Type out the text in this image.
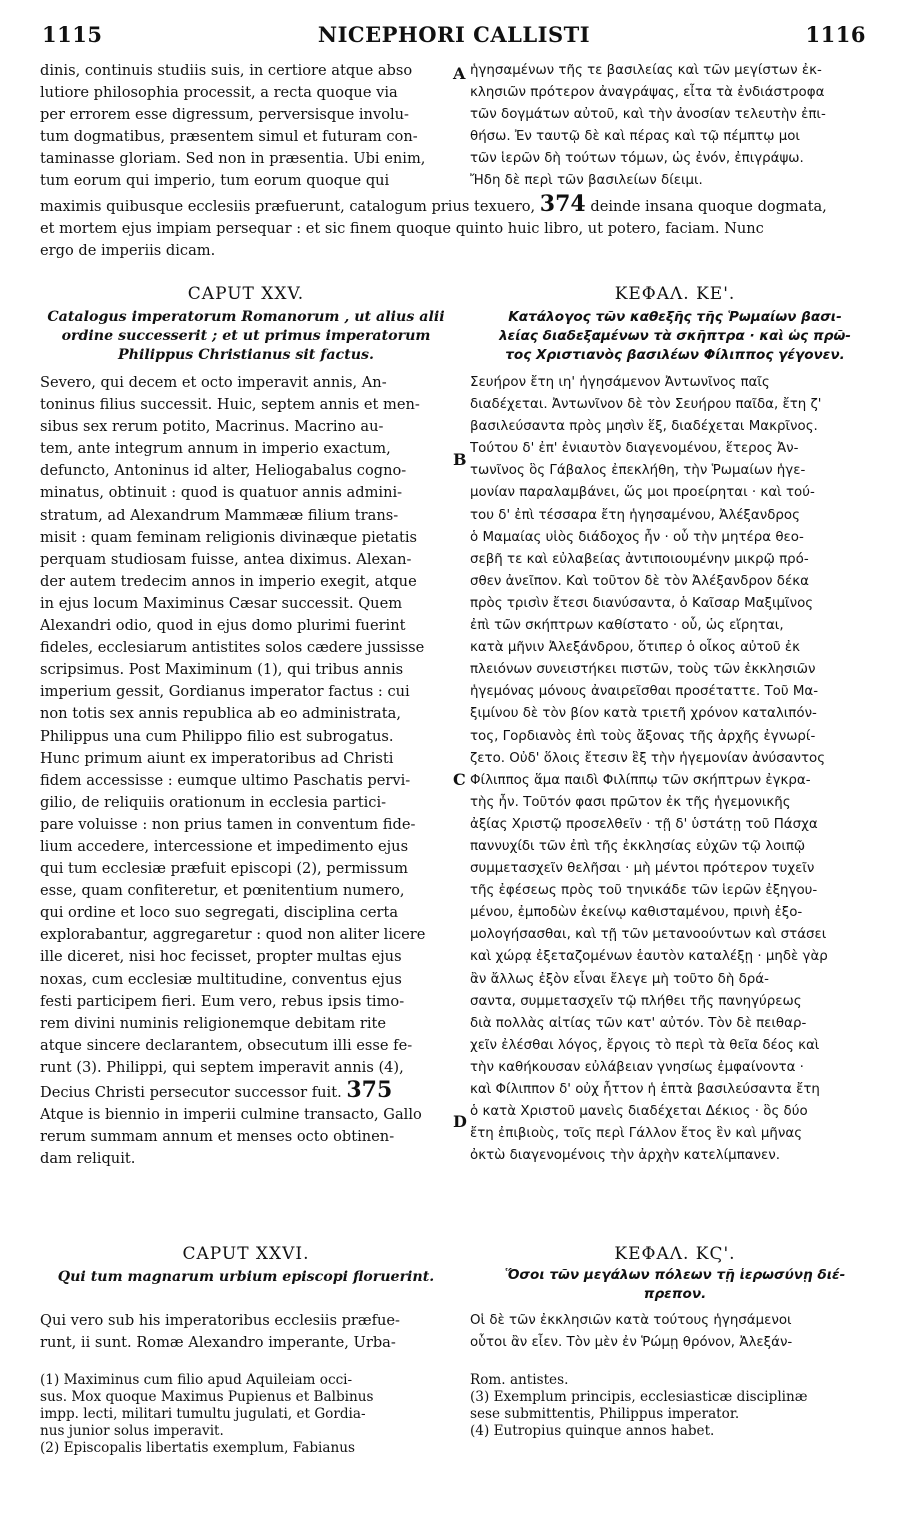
1115	NICEPHORI CALLISTI	1116
dinis, continuis studiis suis, in certiore atque abso
lutiore philosophia processit, a recta quoque via
per errorem esse digressum, perversisque involu-
tum dogmatibus, præsentem simul et futuram con-
taminasse gloriam. Sed non in præsentia. Ubi enim,
tum eorum qui imperio, tum eorum quoque qui
ἡγησαμένων τῆς τε βασιλείας καὶ τῶν μεγίστων ἐκ-
κλησιῶν πρότερον ἀναγράψας, εἶτα τὰ ἐνδιάστροφα
τῶν δογμάτων αὐτοῦ, καὶ τὴν ἀνοσίαν τελευτὴν ἐπι-
θήσω. Ἐν ταυτῷ δὲ καὶ πέρας καὶ τῷ πέμπτῳ μοι
τῶν ἱερῶν δὴ τούτων τόμων, ὡς ἐνόν, ἐπιγράψω.
Ἤδη δὲ περὶ τῶν βασιλείων δίειμι.
A
maximis quibusque ecclesiis præfuerunt, catalogum prius texuero, 374 deinde insana quoque dogmata,
et mortem ejus impiam persequar : et sic finem quoque quinto huic libro, ut potero, faciam. Nunc
ergo de imperiis dicam.
CAPUT XXV.	ΚΕΦΑΛ. ΚΕ'.
Catalogus imperatorum Romanorum , ut alius alii
ordine successerit ; et ut primus imperatorum
Philippus Christianus sit factus.
Κατάλογος τῶν καθεξῆς τῆς Ῥωμαίων βασι-
λείας διαδεξαμένων τὰ σκῆπτρα · καὶ ὡς πρῶ-
τος Χριστιανὸς βασιλέων Φίλιππος γέγονεν.
Severo, qui decem et octo imperavit annis, An-
toninus filius successit. Huic, septem annis et men-
sibus sex rerum potito, Macrinus. Macrino au-
tem, ante integrum annum in imperio exactum,
defuncto, Antoninus id alter, Heliogabalus cogno-
minatus, obtinuit : quod is quatuor annis admini-
stratum, ad Alexandrum Mammææ filium trans-
misit : quam feminam religionis divinæque pietatis
perquam studiosam fuisse, antea diximus. Alexan-
der autem tredecim annos in imperio exegit, atque
in ejus locum Maximinus Cæsar successit. Quem
Alexandri odio, quod in ejus domo plurimi fuerint
fideles, ecclesiarum antistites solos cædere jussisse
scripsimus. Post Maximinum (1), qui tribus annis
imperium gessit, Gordianus imperator factus : cui
non totis sex annis republica ab eo administrata,
Philippus una cum Philippo filio est subrogatus.
Hunc primum aiunt ex imperatoribus ad Christi
fidem accessisse : eumque ultimo Paschatis pervi-
gilio, de reliquiis orationum in ecclesia partici-
pare voluisse : non prius tamen in conventum fide-
lium accedere, intercessione et impedimento ejus
qui tum ecclesiæ præfuit episcopi (2), permissum
esse, quam confiteretur, et pœnitentium numero,
qui ordine et loco suo segregati, disciplina certa
explorabantur, aggregaretur : quod non aliter licere
ille diceret, nisi hoc fecisset, propter multas ejus
noxas, cum ecclesiæ multitudine, conventus ejus
festi participem fieri. Eum vero, rebus ipsis timo-
rem divini numinis religionemque debitam rite
atque sincere declarantem, obsecutum illi esse fe-
runt (3). Philippi, qui septem imperavit annis (4),
Decius Christi persecutor successor fuit. 375
Atque is biennio in imperii culmine transacto, Gallo
rerum summam annum et menses octo obtinen-
dam reliquit.
Σευήρον ἔτη ιη' ἡγησάμενον Ἀντωνῖνος παῖς
διαδέχεται. Ἀντωνῖνον δὲ τὸν Σευήρου παῖδα, ἔτη ζ'
βασιλεύσαντα πρὸς μησὶν ἕξ, διαδέχεται Μακρῖνος.
Τούτου δ' ἐπ' ἐνιαυτὸν διαγενομένου, ἕτερος Ἀν-
τωνῖνος ὃς Γάβαλος ἐπεκλήθη, τὴν Ῥωμαίων ἡγε-
μονίαν παραλαμβάνει, ὥς μοι προείρηται · καὶ τού-
του δ' ἐπὶ τέσσαρα ἔτη ἡγησαμένου, Ἀλέξανδρος
ὁ Μαμαίας υἱὸς διάδοχος ἦν · οὗ τὴν μητέρα θεο-
σεβῆ τε καὶ εὐλαβείας ἀντιποιουμένην μικρῷ πρό-
σθεν ἀνεῖπον. Καὶ τοῦτον δὲ τὸν Ἀλέξανδρον δέκα
πρὸς τρισὶν ἔτεσι διανύσαντα, ὁ Καῖσαρ Μαξιμῖνος
ἐπὶ τῶν σκήπτρων καθίστατο · οὗ, ὡς εἴρηται,
κατὰ μῆνιν Ἀλεξάνδρου, ὅτιπερ ὁ οἶκος αὐτοῦ ἐκ
πλειόνων συνειστήκει πιστῶν, τοὺς τῶν ἐκκλησιῶν
ἡγεμόνας μόνους ἀναιρεῖσθαι προσέταττε. Τοῦ Μα-
ξιμίνου δὲ τὸν βίον κατὰ τριετῆ χρόνον καταλιπόν-
τος, Γορδιανὸς ἐπὶ τοὺς ἄξονας τῆς ἀρχῆς ἐγνωρί-
ζετο. Οὐδ' ὅλοις ἔτεσιν ἓξ τὴν ἡγεμονίαν ἀνύσαντος
Φίλιππος ἅμα παιδὶ Φιλίππῳ τῶν σκήπτρων ἐγκρα-
τὴς ἦν. Τοῦτόν φασι πρῶτον ἐκ τῆς ἡγεμονικῆς
ἀξίας Χριστῷ προσελθεῖν · τῇ δ' ὑστάτῃ τοῦ Πάσχα
παννυχίδι τῶν ἐπὶ τῆς ἐκκλησίας εὐχῶν τῷ λοιπῷ
συμμετασχεῖν θελῆσαι · μὴ μέντοι πρότερον τυχεῖν
τῆς ἐφέσεως πρὸς τοῦ τηνικάδε τῶν ἱερῶν ἐξηγου-
μένου, ἐμποδὼν ἐκείνῳ καθισταμένου, πρινὴ ἐξο-
μολογήσασθαι, καὶ τῇ τῶν μετανοούντων καὶ στάσει
καὶ χώρᾳ ἐξεταζομένων ἑαυτὸν καταλέξῃ · μηδὲ γὰρ
ἂν ἄλλως ἐξὸν εἶναι ἔλεγε μὴ τοῦτο δὴ δρά-
σαντα, συμμετασχεῖν τῷ πλήθει τῆς πανηγύρεως
διὰ πολλὰς αἰτίας τῶν κατ' αὐτόν. Τὸν δὲ πειθαρ-
χεῖν ἐλέσθαι λόγος, ἔργοις τὸ περὶ τὰ θεῖα δέος καὶ
τὴν καθήκουσαν εὐλάβειαν γνησίως ἐμφαίνοντα ·
καὶ Φίλιππον δ' οὐχ ἧττον ἡ ἑπτὰ βασιλεύσαντα ἔτη
ὁ κατὰ Χριστοῦ μανεὶς διαδέχεται Δέκιος · ὃς δύο
ἔτη ἐπιβιοὺς, τοῖς περὶ Γάλλον ἔτος ἓν καὶ μῆνας
ὀκτὼ διαγενομένοις τὴν ἀρχὴν κατελίμπανεν.
B
C
D
CAPUT XXVI.	ΚΕΦΑΛ. ΚϚ'.
Qui tum magnarum urbium episcopi floruerint.	Ὅσοι τῶν μεγάλων πόλεων τῇ ἱερωσύνῃ διέ-
πρεπον.
Qui vero sub his imperatoribus ecclesiis præfue-
runt, ii sunt. Romæ Alexandro imperante, Urba-
Οἱ δὲ τῶν ἐκκλησιῶν κατὰ τούτους ἡγησάμενοι
οὗτοι ἂν εἶεν. Τὸν μὲν ἐν Ῥώμῃ θρόνον, Ἀλεξάν-
(1) Maximinus cum filio apud Aquileiam occi-
sus. Mox quoque Maximus Pupienus et Balbinus
impp. lecti, militari tumultu jugulati, et Gordia-
nus junior solus imperavit.
(2) Episcopalis libertatis exemplum, Fabianus
Rom. antistes.
(3) Exemplum principis, ecclesiasticæ disciplinæ
sese submittentis, Philippus imperator.
(4) Eutropius quinque annos habet.
